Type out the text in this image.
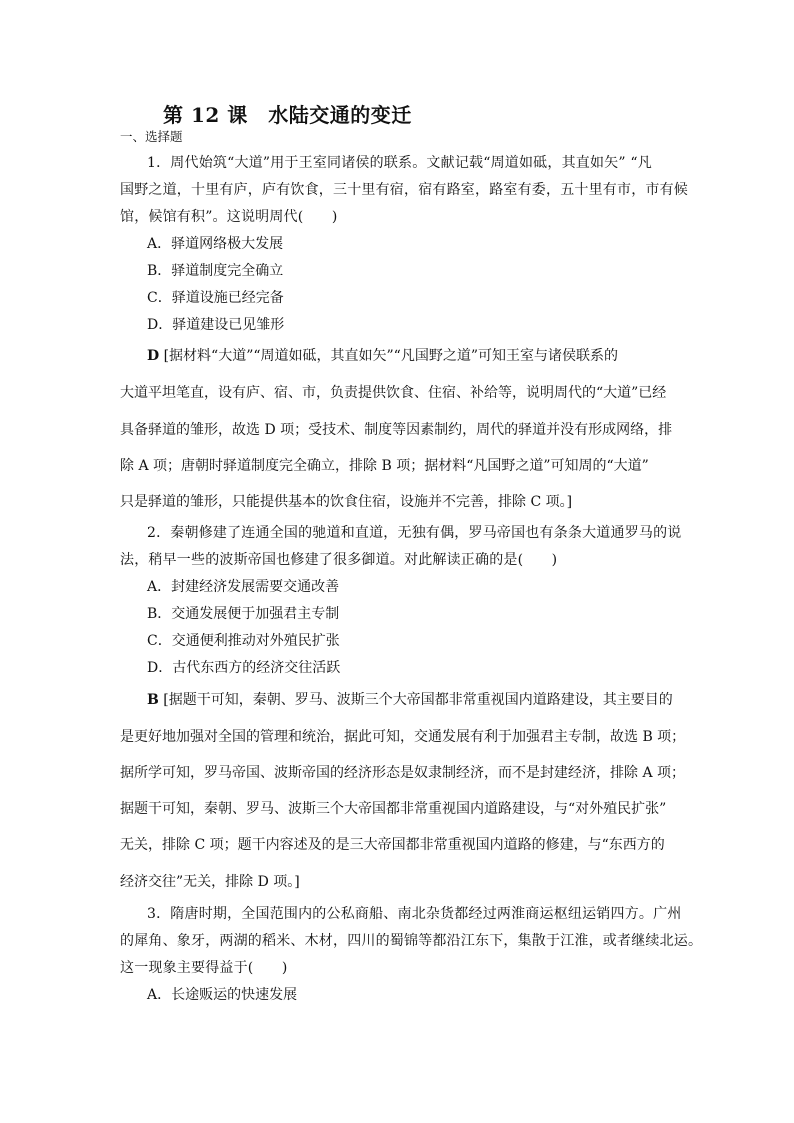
第 12 课　水陆交通的变迁
一、选择题
1．周代始筑“大道”用于王室同诸侯的联系。文献记载“周道如砥，其直如矢” “凡
国野之道，十里有庐，庐有饮食，三十里有宿，宿有路室，路室有委，五十里有市，市有候
馆，候馆有积”。这说明周代(　　)
A．驿道网络极大发展
B．驿道制度完全确立
C．驿道设施已经完备
D．驿道建设已见雏形
D [据材料“大道”“周道如砥，其直如矢”“凡国野之道”可知王室与诸侯联系的
大道平坦笔直，设有庐、宿、市，负责提供饮食、住宿、补给等，说明周代的“大道”已经
具备驿道的雏形，故选 D 项；受技术、制度等因素制约，周代的驿道并没有形成网络，排
除 A 项；唐朝时驿道制度完全确立，排除 B 项；据材料“凡国野之道”可知周的“大道”
只是驿道的雏形，只能提供基本的饮食住宿，设施并不完善，排除 C 项。]
2．秦朝修建了连通全国的驰道和直道，无独有偶，罗马帝国也有条条大道通罗马的说
法，稍早一些的波斯帝国也修建了很多御道。对此解读正确的是(　　)
A．封建经济发展需要交通改善
B．交通发展便于加强君主专制
C．交通便利推动对外殖民扩张
D．古代东西方的经济交往活跃
B [据题干可知，秦朝、罗马、波斯三个大帝国都非常重视国内道路建设，其主要目的
是更好地加强对全国的管理和统治，据此可知，交通发展有利于加强君主专制，故选 B 项；
据所学可知，罗马帝国、波斯帝国的经济形态是奴隶制经济，而不是封建经济，排除 A 项；
据题干可知，秦朝、罗马、波斯三个大帝国都非常重视国内道路建设，与“对外殖民扩张”
无关，排除 C 项；题干内容述及的是三大帝国都非常重视国内道路的修建，与“东西方的
经济交往”无关，排除 D 项。]
3．隋唐时期，全国范围内的公私商船、南北杂货都经过两淮商运枢纽运销四方。广州
的犀角、象牙，两湖的稻米、木材，四川的蜀锦等都沿江东下，集散于江淮，或者继续北运。
这一现象主要得益于(　　)
A．长途贩运的快速发展
